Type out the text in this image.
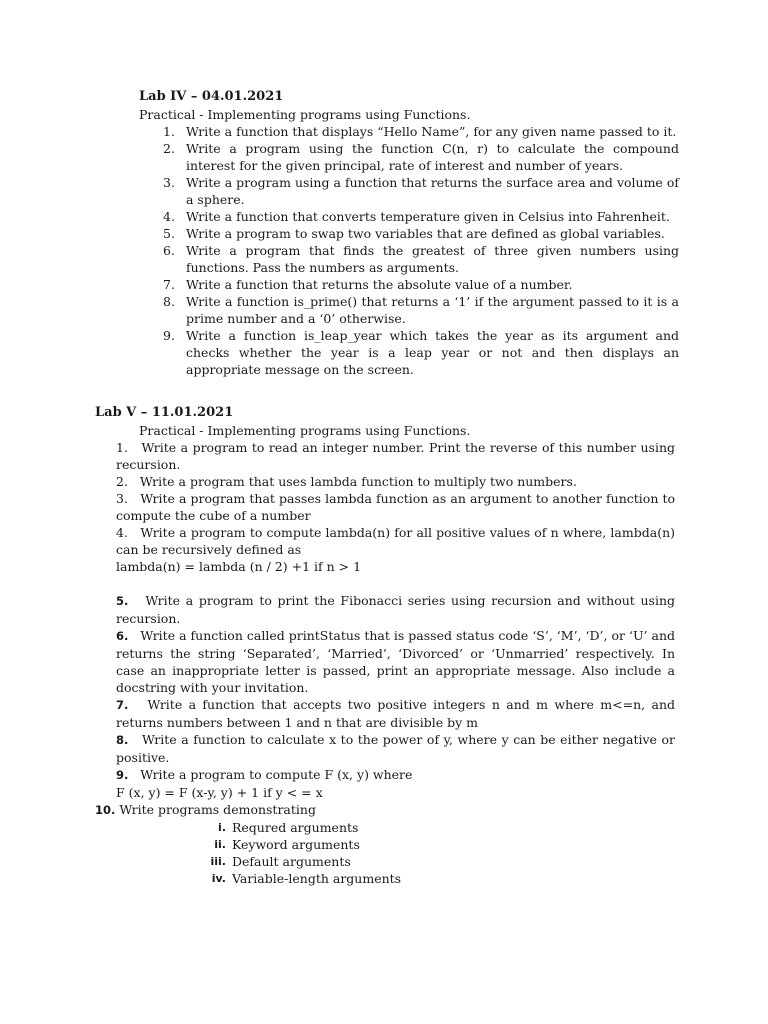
Lab IV – 04.01.2021

Practical - Implementing programs using Functions.

1. Write a function that displays “Hello Name”, for any given name passed to it.
2. Write a program using the function C(n, r) to calculate the compound interest for the given principal, rate of interest and number of years.
3. Write a program using a function that returns the surface area and volume of a sphere.
4. Write a function that converts temperature given in Celsius into Fahrenheit.
5. Write a program to swap two variables that are defined as global variables.
6. Write a program that finds the greatest of three given numbers using functions. Pass the numbers as arguments.
7. Write a function that returns the absolute value of a number.
8. Write a function is_prime() that returns a ‘1’ if the argument passed to it is a prime number and a ‘0’ otherwise.
9. Write a function is_leap_year which takes the year as its argument and checks whether the year is a leap year or not and then displays an appropriate message on the screen.

Lab V – 11.01.2021

Practical - Implementing programs using Functions.

1. Write a program to read an integer number. Print the reverse of this number using recursion.
2. Write a program that uses lambda function to multiply two numbers.
3. Write a program that passes lambda function as an argument to another function to compute the cube of a number
4. Write a program to compute lambda(n) for all positive values of n where, lambda(n) can be recursively defined as
lambda(n) = lambda (n / 2) +1 if n > 1
5. Write a program to print the Fibonacci series using recursion and without using recursion.
6. Write a function called printStatus that is passed status code ‘S’, ‘M’, ‘D’, or ‘U’ and returns the string ‘Separated’, ‘Married’, ‘Divorced’ or ‘Unmarried’ respectively. In case an inappropriate letter is passed, print an appropriate message. Also include a docstring with your invitation.
7. Write a function that accepts two positive integers n and m where m<=n, and returns numbers between 1 and n that are divisible by m
8. Write a function to calculate x to the power of y, where y can be either negative or positive.
9. Write a program to compute F (x, y) where
F (x, y) = F (x-y, y) + 1 if y < = x
10. Write programs demonstrating
i. Requred arguments
ii. Keyword arguments
iii. Default arguments
iv. Variable-length arguments
